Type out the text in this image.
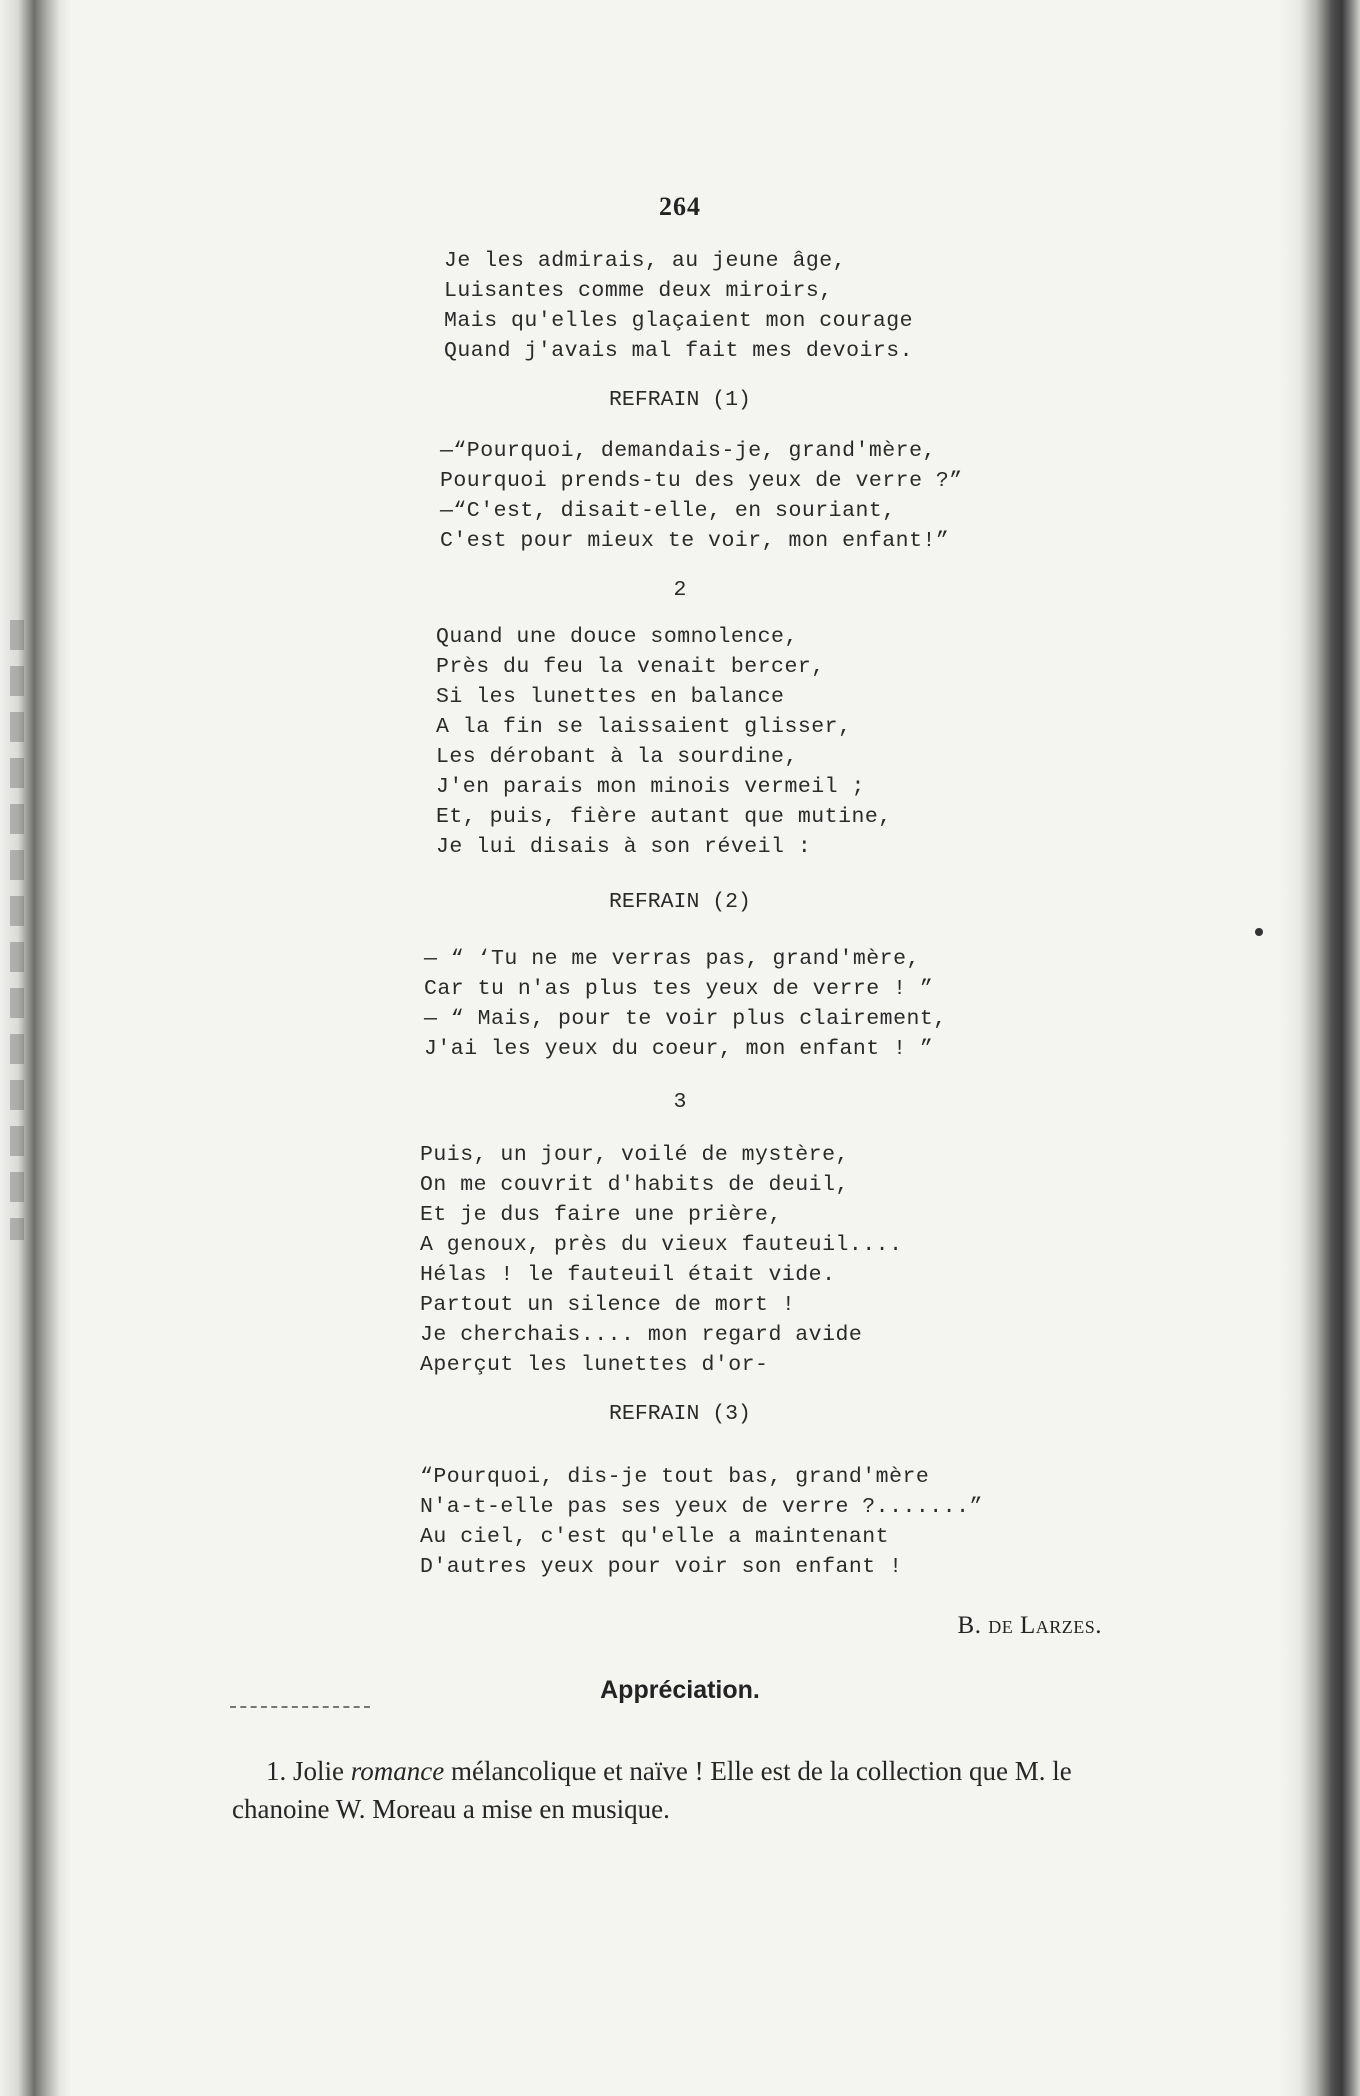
264
Je les admirais, au jeune âge,
Luisantes comme deux miroirs,
Mais qu'elles glaçaient mon courage
Quand j'avais mal fait mes devoirs.
REFRAIN (1)
—“Pourquoi, demandais-je, grand'mère,
Pourquoi prends-tu des yeux de verre ?”
—“C'est, disait-elle, en souriant,
C'est pour mieux te voir, mon enfant!”
2
Quand une douce somnolence,
Près du feu la venait bercer,
Si les lunettes en balance
A la fin se laissaient glisser,
Les dérobant à la sourdine,
J'en parais mon minois vermeil ;
Et, puis, fière autant que mutine,
Je lui disais à son réveil :
REFRAIN (2)
— “ ‘Tu ne me verras pas, grand'mère,
Car tu n'as plus tes yeux de verre ! ”
— “ Mais, pour te voir plus clairement,
J'ai les yeux du coeur, mon enfant ! ”
3
Puis, un jour, voilé de mystère,
On me couvrit d'habits de deuil,
Et je dus faire une prière,
A genoux, près du vieux fauteuil....
Hélas ! le fauteuil était vide.
Partout un silence de mort !
Je cherchais.... mon regard avide
Aperçut les lunettes d'or-
REFRAIN (3)
“Pourquoi, dis-je tout bas, grand'mère
N'a-t-elle pas ses yeux de verre ?.......”
Au ciel, c'est qu'elle a maintenant
D'autres yeux pour voir son enfant !
B. de Larzes.
Appréciation.
1. Jolie romance mélancolique et naïve ! Elle est de la collection que M. le chanoine W. Moreau a mise en musique.
